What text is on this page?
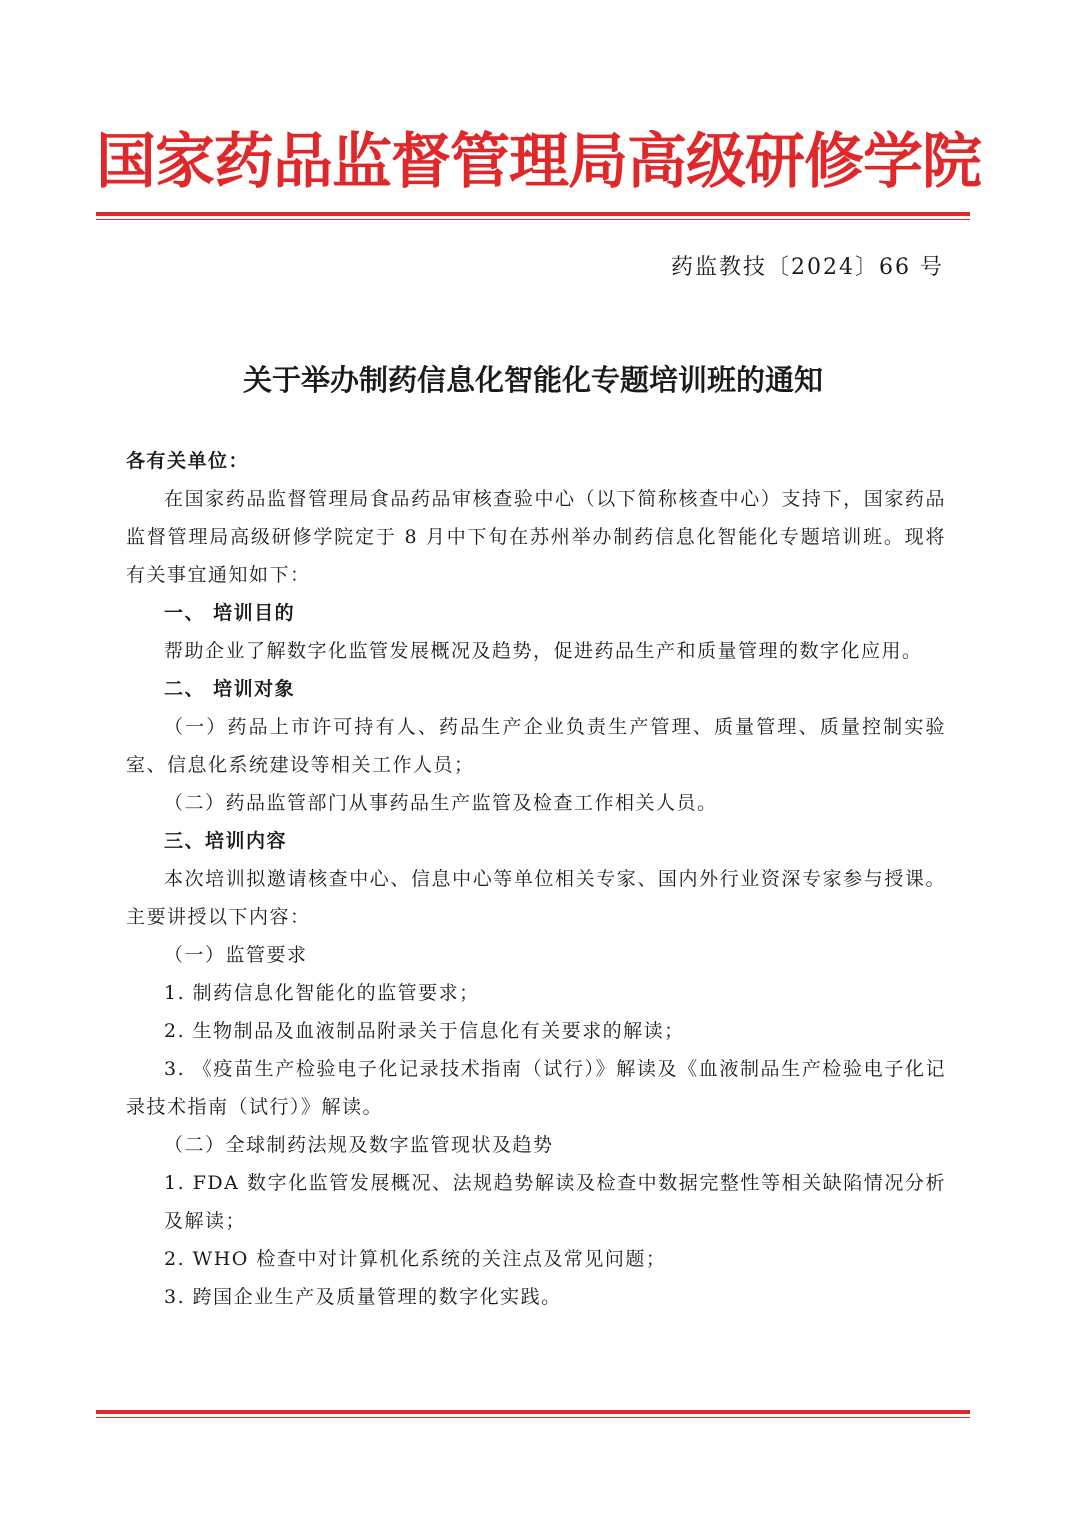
国家药品监督管理局高级研修学院
药监教技〔2024〕66 号
关于举办制药信息化智能化专题培训班的通知

各有关单位：

在国家药品监督管理局食品药品审核查验中心（以下简称核查中心）支持下，国家药品监督管理局高级研修学院定于 8 月中下旬在苏州举办制药信息化智能化专题培训班。现将有关事宜通知如下：

一、 培训目的

帮助企业了解数字化监管发展概况及趋势，促进药品生产和质量管理的数字化应用。

二、 培训对象

（一）药品上市许可持有人、药品生产企业负责生产管理、质量管理、质量控制实验室、信息化系统建设等相关工作人员；

（二）药品监管部门从事药品生产监管及检查工作相关人员。

三、培训内容

本次培训拟邀请核查中心、信息中心等单位相关专家、国内外行业资深专家参与授课。主要讲授以下内容：

（一）监管要求

1. 制药信息化智能化的监管要求；

2. 生物制品及血液制品附录关于信息化有关要求的解读；

3. 《疫苗生产检验电子化记录技术指南（试行）》解读及《血液制品生产检验电子化记录技术指南（试行）》解读。

（二）全球制药法规及数字监管现状及趋势

1. FDA 数字化监管发展概况、法规趋势解读及检查中数据完整性等相关缺陷情况分析及解读；

2. WHO 检查中对计算机化系统的关注点及常见问题；

3. 跨国企业生产及质量管理的数字化实践。
